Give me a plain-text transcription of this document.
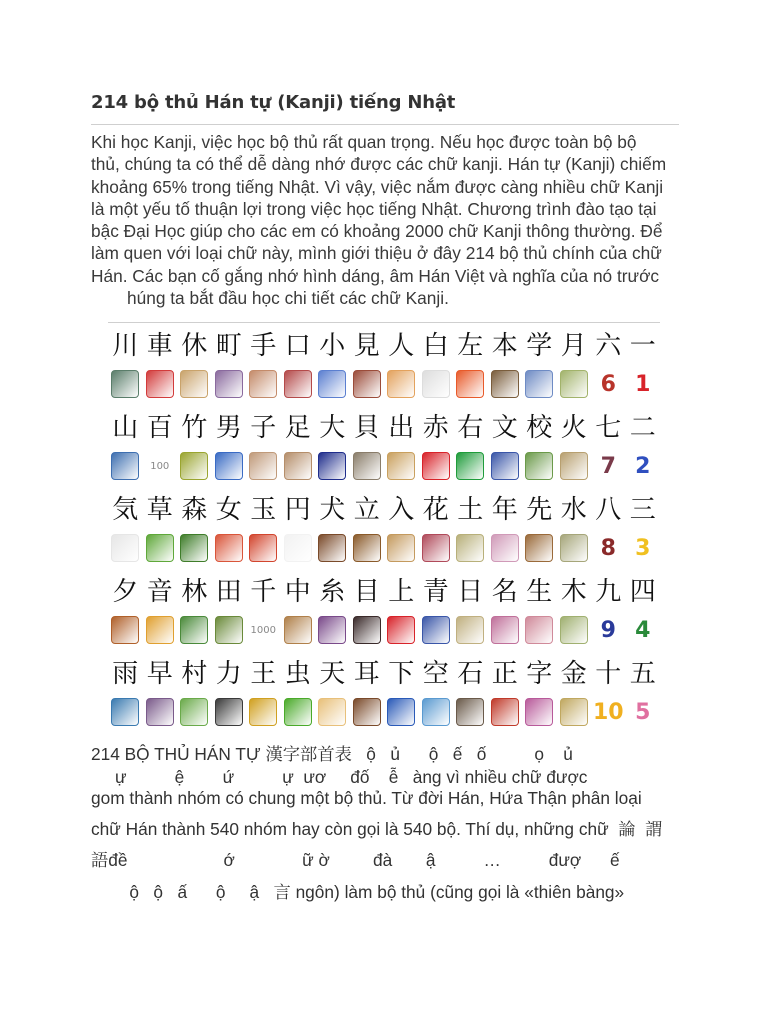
214 bộ thủ Hán tự (Kanji) tiếng Nhật
Khi học Kanji, việc học bộ thủ rất quan trọng. Nếu học được toàn bộ bộ
thủ, chúng ta có thể dễ dàng nhớ được các chữ kanji. Hán tự (Kanji) chiếm
khoảng 65% trong tiếng Nhật. Vì vậy, việc nắm được càng nhiều chữ Kanji
là một yếu tố thuận lợi trong việc học tiếng Nhật. Chương trình đào tạo tại
bậc Đại Học giúp cho các em có khoảng 2000 chữ Kanji thông thường. Để
làm quen với loại chữ này, mình giới thiệu ở đây 214 bộ thủ chính của chữ
Hán. Các bạn cố gắng nhớ hình dáng, âm Hán Việt và nghĩa của nó trước
húng ta bắt đầu học chi tiết các chữ Kanji.
川 車 休 町 手 口 小 見 人 白 左 本 学 月 六 一
山 百 竹 男 子 足 大 貝 出 赤 右 文 校 火 七 二
気 草 森 女 玉 円 犬 立 入 花 土 年 先 水 八 三
夕 音 林 田 千 中 糸 目 上 青 日 名 生 木 九 四
雨 早 村 力 王 虫 天 耳 下 空 石 正 字 金 十 五
6 1
100	7 2
8 3
1000	9 4
10 5
214 BỘ THỦ HÁN TỰ 漢字部首表   ộ   ủ      ộ   ế   ố          ọ    ủ
ự          ệ        ứ          ự  ươ     đố    ễ   àng vì nhiều chữ được
gom thành nhóm có chung một bộ thủ. Từ đời Hán, Hứa Thận phân loại
chữ Hán thành 540 nhóm hay còn gọi là 540 bộ. Thí dụ, những chữ  論  謂
語đề                    ớ              ữ ờ         đà       ậ          …          đượ      ế
ộ   ộ   ấ      ộ     ậ   言 ngôn) làm bộ thủ (cũng gọi là «thiên bàng»
